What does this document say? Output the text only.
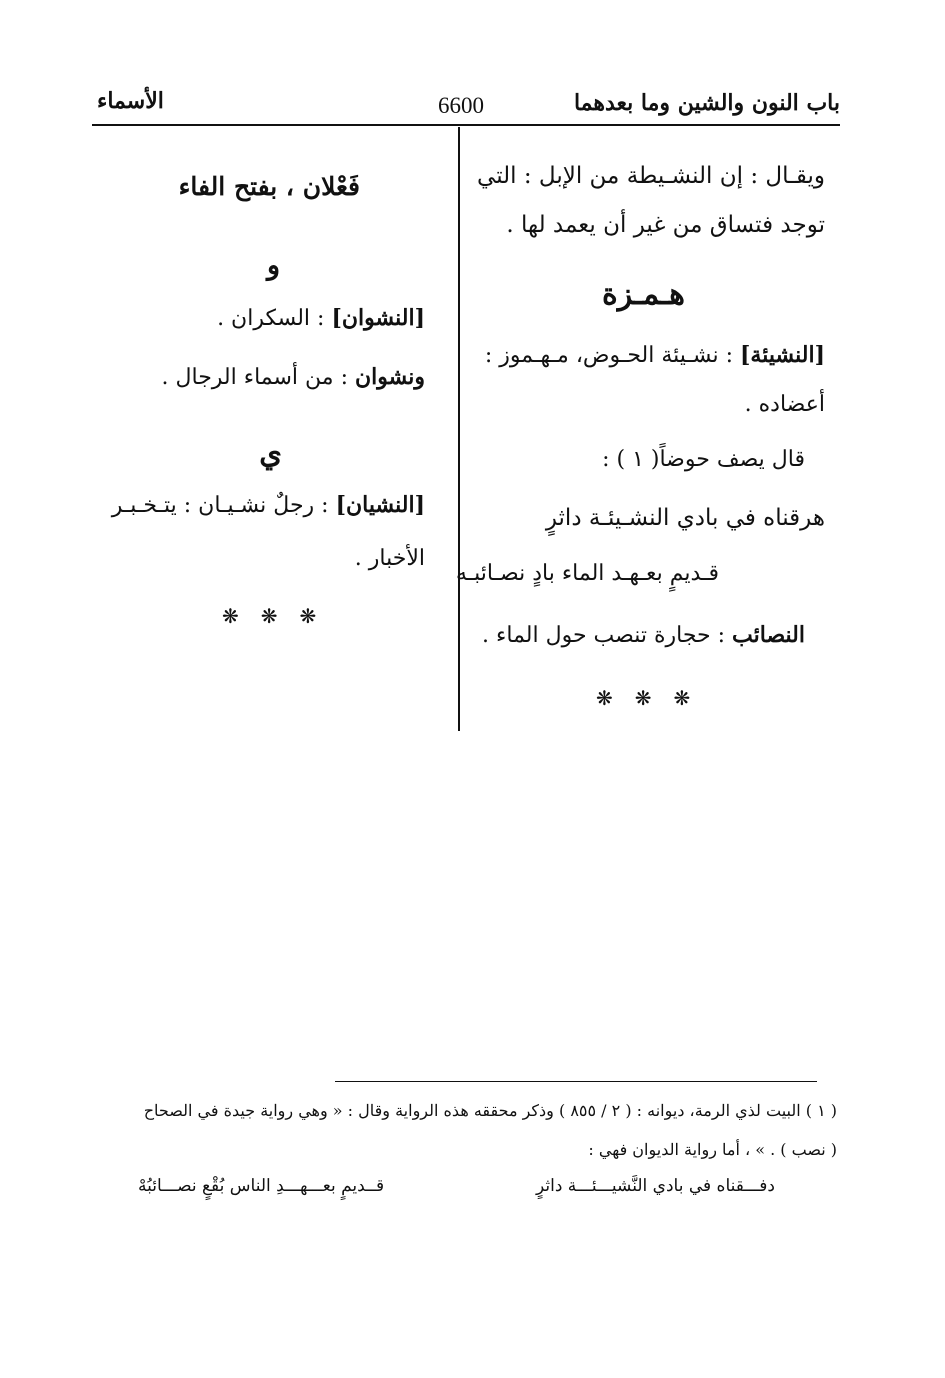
باب النون والشين وما بعدهما
6600
الأسماء
ويقـال : إن النشـيطة من الإبل : التي
توجد فتساق من غير أن يعمد لها .
هـمـزة
[النشيئة] : نشـيئة الحـوض، مـهـموز :
أعضاده .
قال يصف حوضاً( ١ ) :
هرقناه في بادي النشـيئـة داثرٍ
قـديمٍ بعـهـد الماء بادٍ نصـائبـه
النصائب : حجارة تنصب حول الماء .
❋❋❋
فَعْلان ، بفتح الفاء
و
[النشوان] : السكران .
ونشوان : من أسماء الرجال .
ي
[النشيان] : رجلٌ نشـيـان : يتـخـبـر
الأخبار .
❋❋❋
( ١ ) البيت لذي الرمة، ديوانه : ( ٢ / ٨٥٥ ) وذكر محققه هذه الرواية وقال : « وهي رواية جيدة في الصحاح
( نصب ) . » ، أما رواية الديوان فهي :
دفـــقناه في بادي النَّشيـــئـــة داثرٍ
قــديمٍ بعـــهـــدِ الناس بُقْعٍ نصـــائبُهْ
